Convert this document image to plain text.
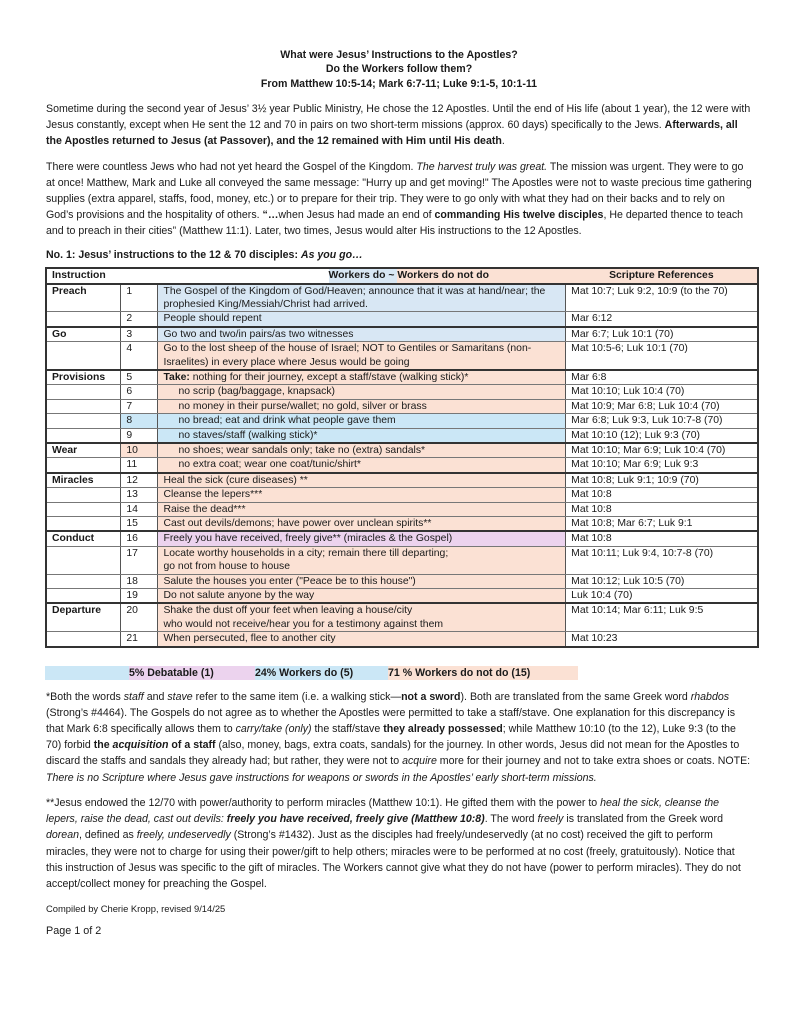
What were Jesus’ Instructions to the Apostles?
Do the Workers follow them?
From Matthew 10:5-14; Mark 6:7-11; Luke 9:1-5, 10:1-11

Sometime during the second year of Jesus’ 3½ year Public Ministry, He chose the 12 Apostles. Until the end of His life (about 1 year), the 12 were with Jesus constantly, except when He sent the 12 and 70 in pairs on two short-term missions (approx. 60 days) specifically to the Jews. Afterwards, all the Apostles returned to Jesus (at Passover), and the 12 remained with Him until His death.

There were countless Jews who had not yet heard the Gospel of the Kingdom. The harvest truly was great. The mission was urgent. They were to go at once! Matthew, Mark and Luke all conveyed the same message: "Hurry up and get moving!" The Apostles were not to waste precious time gathering supplies (extra apparel, staffs, food, money, etc.) or to prepare for their trip. They were to go only with what they had on their backs and to rely on God’s provisions and the hospitality of others. “…when Jesus had made an end of commanding His twelve disciples, He departed thence to teach and to preach in their cities” (Matthew 11:1). Later, two times, Jesus would alter His instructions to the 12 Apostles.

No. 1: Jesus’ instructions to the 12 & 70 disciples: As you go…
Instruction		Workers do ~ Workers do not do	Scripture References
Preach	1	The Gospel of the Kingdom of God/Heaven; announce that it was at hand/near; the prophesied King/Messiah/Christ had arrived.	Mat 10:7; Luk 9:2, 10:9 (to the 70)
	2	People should repent	Mar 6:12
Go	3	Go two and two/in pairs/as two witnesses	Mar 6:7; Luk 10:1 (70)
	4	Go to the lost sheep of the house of Israel; NOT to Gentiles or Samaritans (non-Israelites) in every place where Jesus would be going	Mat 10:5-6; Luk 10:1 (70)
Provisions	5	Take: nothing for their journey, except a staff/stave (walking stick)*	Mar 6:8
	6	no scrip (bag/baggage, knapsack)	Mat 10:10; Luk 10:4 (70)
	7	no money in their purse/wallet; no gold, silver or brass	Mat 10:9; Mar 6:8; Luk 10:4 (70)
	8	no bread; eat and drink what people gave them	Mar 6:8; Luk 9:3, Luk 10:7-8 (70)
	9	no staves/staff (walking stick)*	Mat 10:10 (12); Luk 9:3 (70)
Wear	10	no shoes; wear sandals only; take no (extra) sandals*	Mat 10:10; Mar 6:9; Luk 10:4 (70)
	11	no extra coat; wear one coat/tunic/shirt*	Mat 10:10; Mar 6:9; Luk 9:3
Miracles	12	Heal the sick (cure diseases) **	Mat 10:8; Luk 9:1; 10:9 (70)
	13	Cleanse the lepers***	Mat 10:8
	14	Raise the dead***	Mat 10:8
	15	Cast out devils/demons; have power over unclean spirits**	Mat 10:8; Mar 6:7; Luk 9:1
Conduct	16	Freely you have received, freely give** (miracles & the Gospel)	Mat 10:8
	17	Locate worthy households in a city; remain there till departing;
go not from house to house	Mat 10:11; Luk 9:4, 10:7-8 (70)
	18	Salute the houses you enter ("Peace be to this house")	Mat 10:12; Luk 10:5 (70)
	19	Do not salute anyone by the way	Luk 10:4 (70)
Departure	20	Shake the dust off your feet when leaving a house/city
who would not receive/hear you for a testimony against them	Mat 10:14; Mar 6:11; Luk 9:5
	21	When persecuted, flee to another city	Mat 10:23
5% Debatable (1)	24% Workers do (5)	71 % Workers do not do (15)

*Both the words staff and stave refer to the same item (i.e. a walking stick—not a sword). Both are translated from the same Greek word rhabdos (Strong’s #4464). The Gospels do not agree as to whether the Apostles were permitted to take a staff/stave. One explanation for this discrepancy is that Mark 6:8 specifically allows them to carry/take (only) the staff/stave they already possessed; while Matthew 10:10 (to the 12), Luke 9:3 (to the 70) forbid the acquisition of a staff (also, money, bags, extra coats, sandals) for the journey. In other words, Jesus did not mean for the Apostles to discard the staffs and sandals they already had; but rather, they were not to acquire more for their journey and not to take extra shoes or coats. NOTE: There is no Scripture where Jesus gave instructions for weapons or swords in the Apostles’ early short-term missions.

**Jesus endowed the 12/70 with power/authority to perform miracles (Matthew 10:1). He gifted them with the power to heal the sick, cleanse the lepers, raise the dead, cast out devils: freely you have received, freely give (Matthew 10:8). The word freely is translated from the Greek word dorean, defined as freely, undeservedly (Strong’s #1432). Just as the disciples had freely/undeservedly (at no cost) received the gift to perform miracles, they were not to charge for using their power/gift to help others; miracles were to be performed at no cost (freely, gratuitously). Notice that this instruction of Jesus was specific to the gift of miracles. The Workers cannot give what they do not have (power to perform miracles). They do not accept/collect money for preaching the Gospel.

Compiled by Cherie Kropp, revised 9/14/25
Page 1 of 2
